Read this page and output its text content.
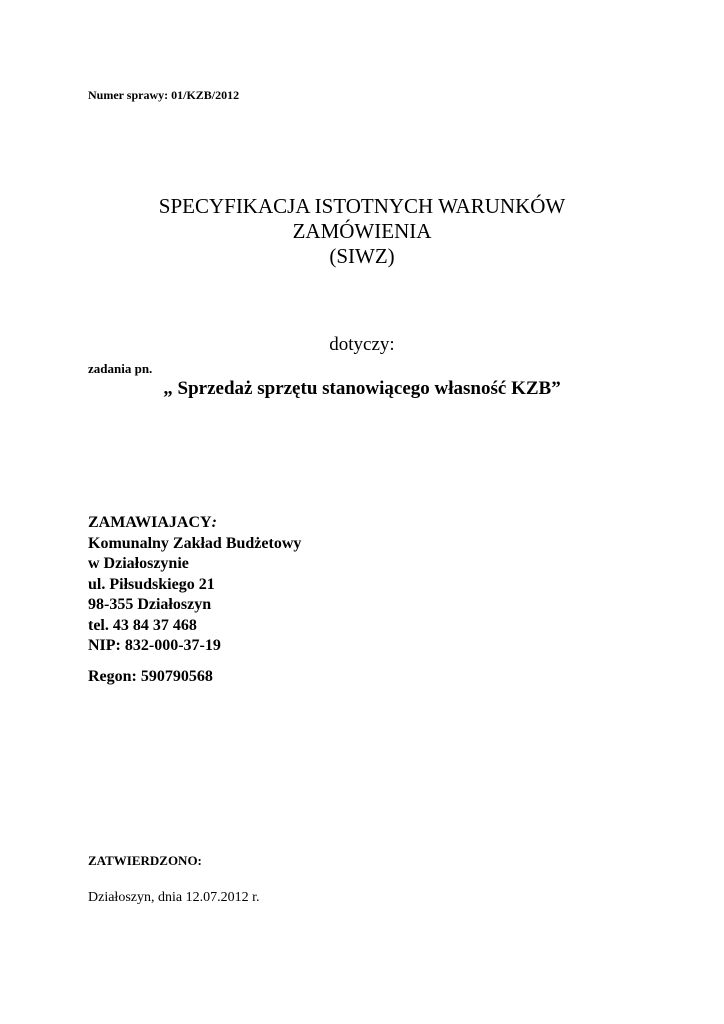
Numer sprawy: 01/KZB/2012
SPECYFIKACJA ISTOTNYCH WARUNKÓW
ZAMÓWIENIA
(SIWZ)
dotyczy:
zadania pn.
„ Sprzedaż sprzętu stanowiącego własność KZB”
ZAMAWIAJACY:
Komunalny Zakład Budżetowy
w Działoszynie
ul. Piłsudskiego 21
98-355 Działoszyn
tel. 43 84 37 468
NIP: 832-000-37-19
Regon: 590790568
ZATWIERDZONO:
Działoszyn, dnia 12.07.2012 r.
